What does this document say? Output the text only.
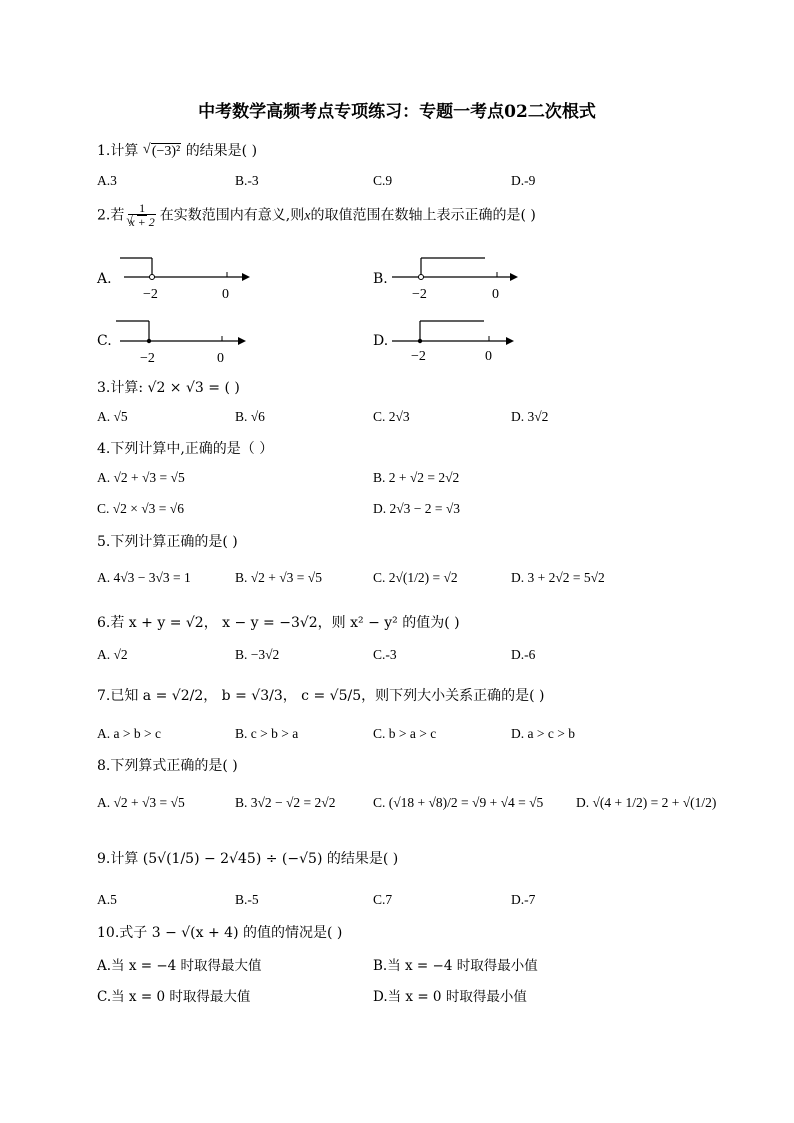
中考数学高频考点专项练习：专题一考点02二次根式
1.计算 √ (−3)² 的结果是( )
A.3	B.-3	C.9	D.-9
2.若 1
√ x + 2 在实数范围内有意义,则x的取值范围在数轴上表示正确的是( )
A.
−2	0
B.
−2	0
C.
−2	0
D.
−2	0
3.计算: √2 × √3 = ( )
A. √5	B. √6	C. 2√3	D. 3√2
4.下列计算中,正确的是（ ）
A. √2 + √3 = √5	B. 2 + √2 = 2√2
C. √2 × √3 = √6	D. 2√3 − 2 = √3
5.下列计算正确的是( )
A. 4√3 − 3√3 = 1	B. √2 + √3 = √5	C. 2√(1/2) = √2	D. 3 + 2√2 = 5√2
6.若 x + y = √2， x − y = −3√2，则 x² − y² 的值为( )
A. √2	B. −3√2	C.-3	D.-6
7.已知 a = √2/2， b = √3/3， c = √5/5，则下列大小关系正确的是( )
A. a > b > c	B. c > b > a	C. b > a > c	D. a > c > b
8.下列算式正确的是( )
A. √2 + √3 = √5	B. 3√2 − √2 = 2√2	C. (√18 + √8)/2 = √9 + √4 = √5 D. √(4 + 1/2) = 2 + √(1/2)
9.计算 (5√(1/5) − 2√45) ÷ (−√5) 的结果是( )
A.5	B.-5	C.7	D.-7
10.式子 3 − √(x + 4) 的值的情况是( )
A.当 x = −4 时取得最大值	B.当 x = −4 时取得最小值
C.当 x = 0 时取得最大值	D.当 x = 0 时取得最小值
